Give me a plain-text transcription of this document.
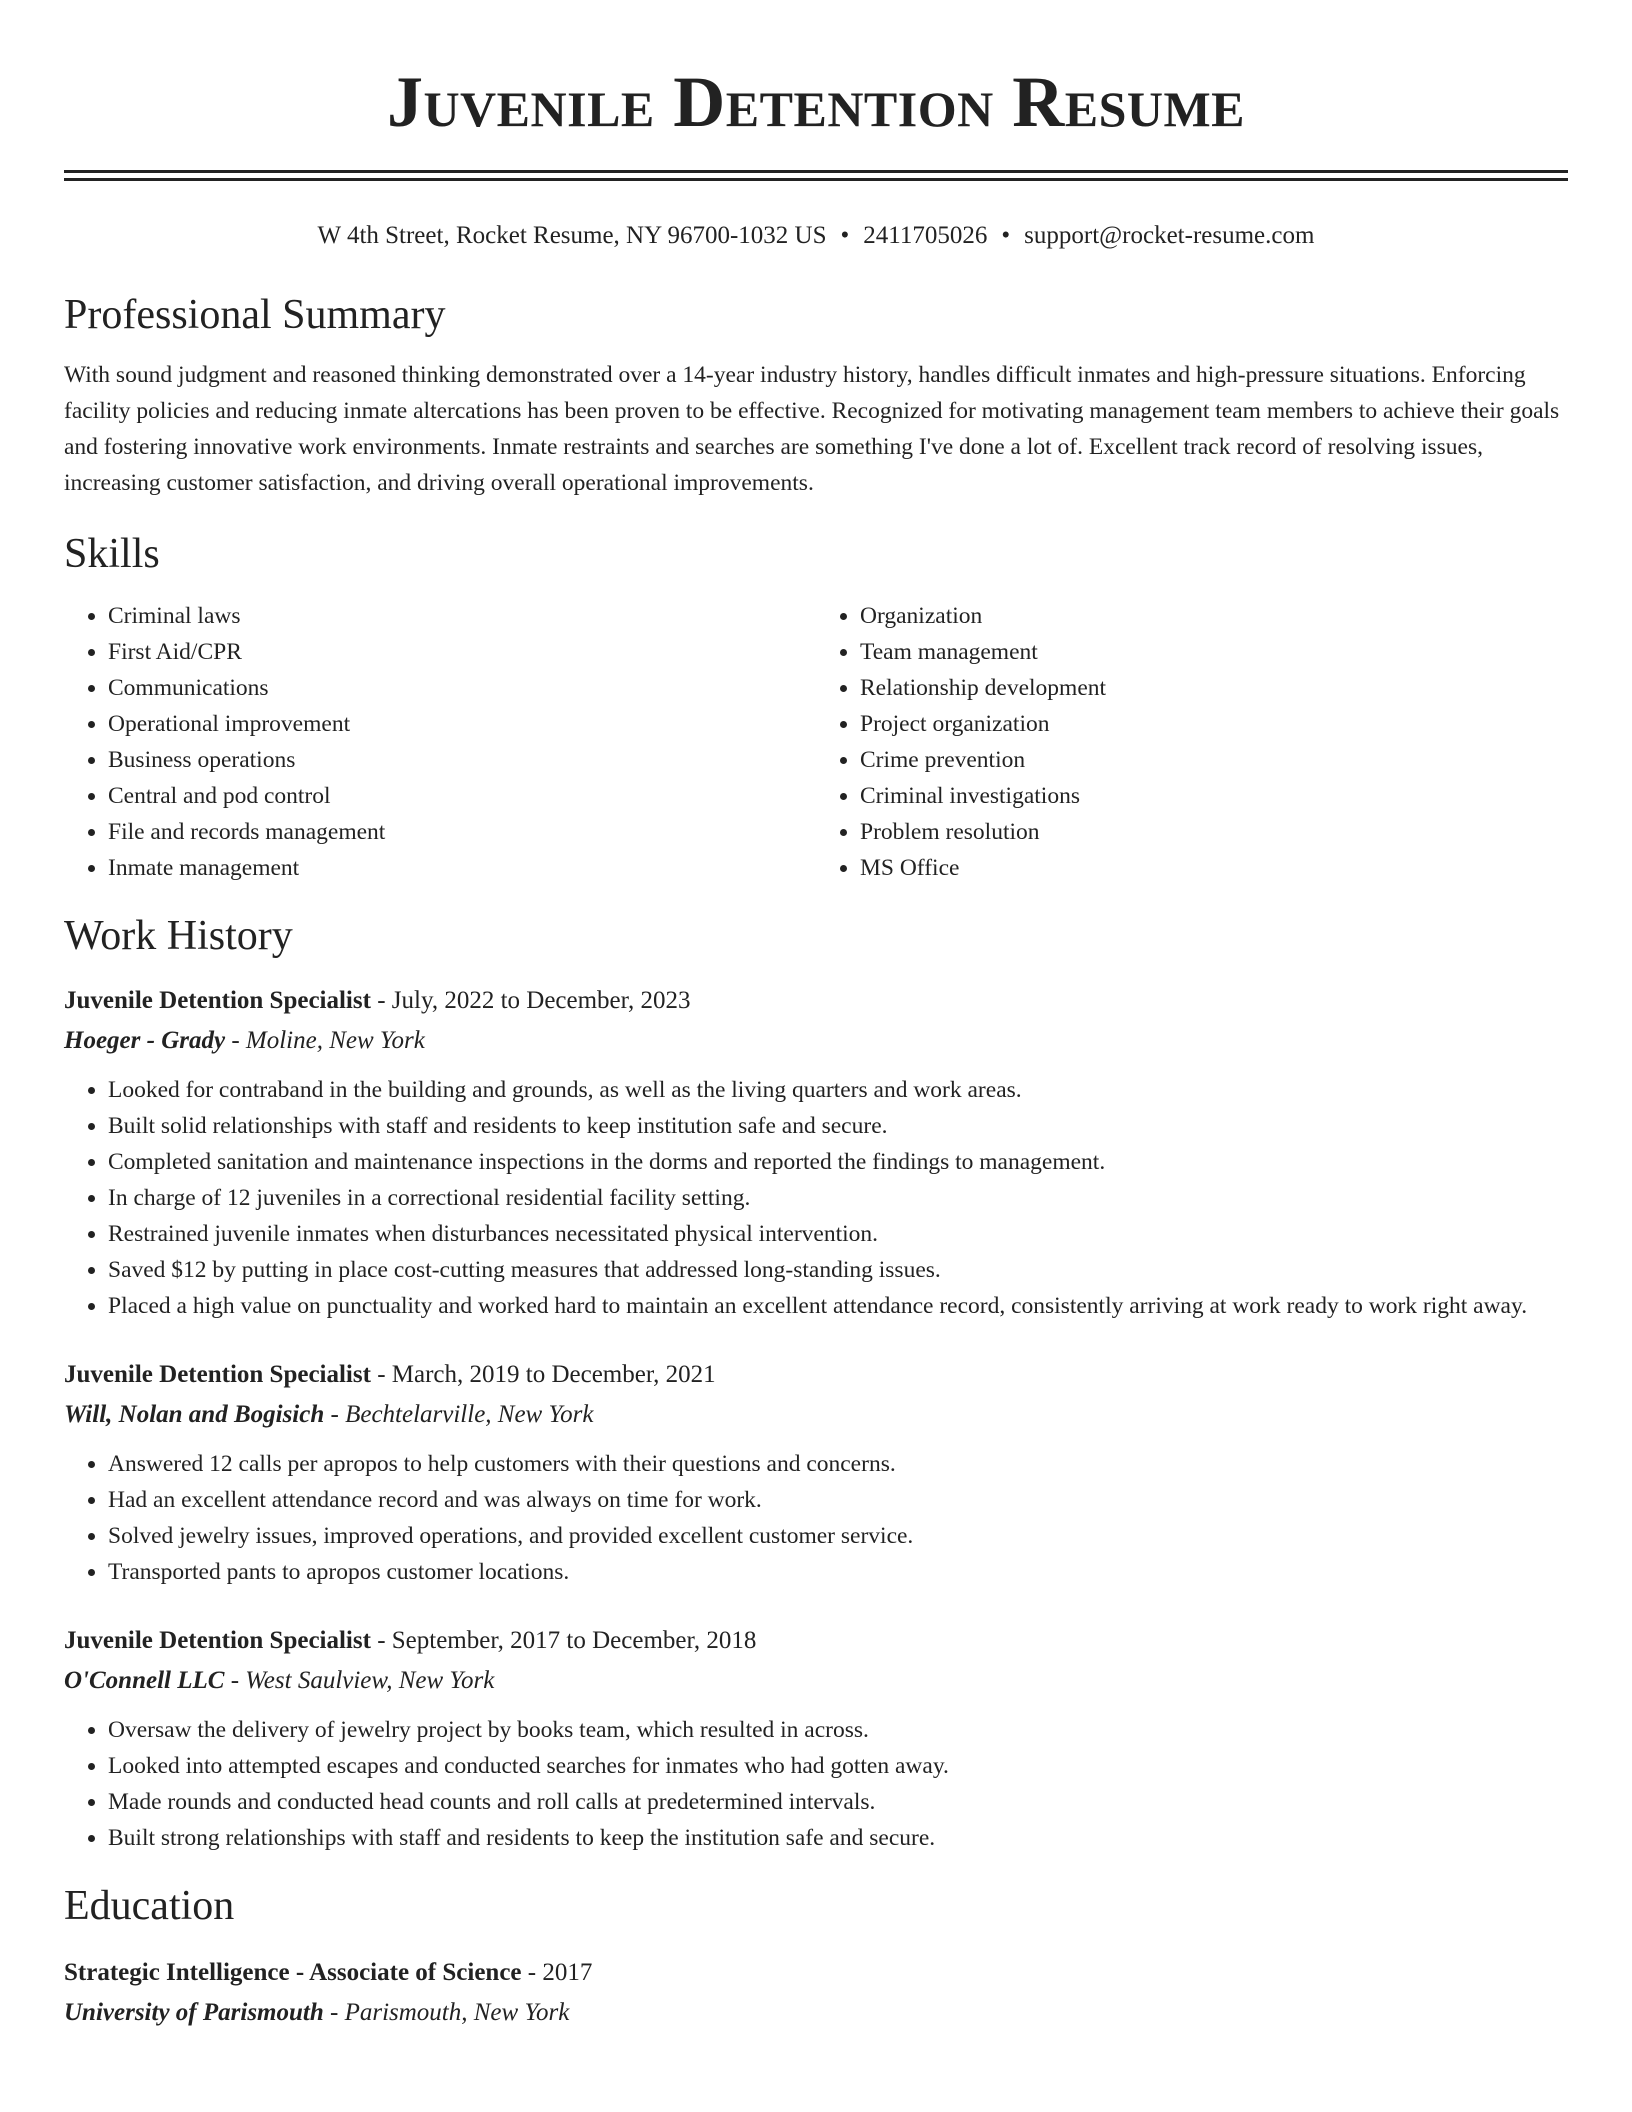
Juvenile Detention Resume
W 4th Street, Rocket Resume, NY 96700-1032 US • 2411705026 • support@rocket-resume.com
Professional Summary

With sound judgment and reasoned thinking demonstrated over a 14-year industry history, handles difficult inmates and high-pressure situations. Enforcing facility policies and reducing inmate altercations has been proven to be effective. Recognized for motivating management team members to achieve their goals and fostering innovative work environments. Inmate restraints and searches are something I've done a lot of. Excellent track record of resolving issues, increasing customer satisfaction, and driving overall operational improvements.

Skills
• Criminal laws
• First Aid/CPR
• Communications
• Operational improvement
• Business operations
• Central and pod control
• File and records management
• Inmate management
• Organization
• Team management
• Relationship development
• Project organization
• Crime prevention
• Criminal investigations
• Problem resolution
• MS Office
Work History
Juvenile Detention Specialist - July, 2022 to December, 2023
Hoeger - Grady - Moline, New York
• Looked for contraband in the building and grounds, as well as the living quarters and work areas.
• Built solid relationships with staff and residents to keep institution safe and secure.
• Completed sanitation and maintenance inspections in the dorms and reported the findings to management.
• In charge of 12 juveniles in a correctional residential facility setting.
• Restrained juvenile inmates when disturbances necessitated physical intervention.
• Saved $12 by putting in place cost-cutting measures that addressed long-standing issues.
• Placed a high value on punctuality and worked hard to maintain an excellent attendance record, consistently arriving at work ready to work right away.
Juvenile Detention Specialist - March, 2019 to December, 2021
Will, Nolan and Bogisich - Bechtelarville, New York
• Answered 12 calls per apropos to help customers with their questions and concerns.
• Had an excellent attendance record and was always on time for work.
• Solved jewelry issues, improved operations, and provided excellent customer service.
• Transported pants to apropos customer locations.
Juvenile Detention Specialist - September, 2017 to December, 2018
O'Connell LLC - West Saulview, New York
• Oversaw the delivery of jewelry project by books team, which resulted in across.
• Looked into attempted escapes and conducted searches for inmates who had gotten away.
• Made rounds and conducted head counts and roll calls at predetermined intervals.
• Built strong relationships with staff and residents to keep the institution safe and secure.
Education
Strategic Intelligence - Associate of Science - 2017
University of Parismouth - Parismouth, New York
